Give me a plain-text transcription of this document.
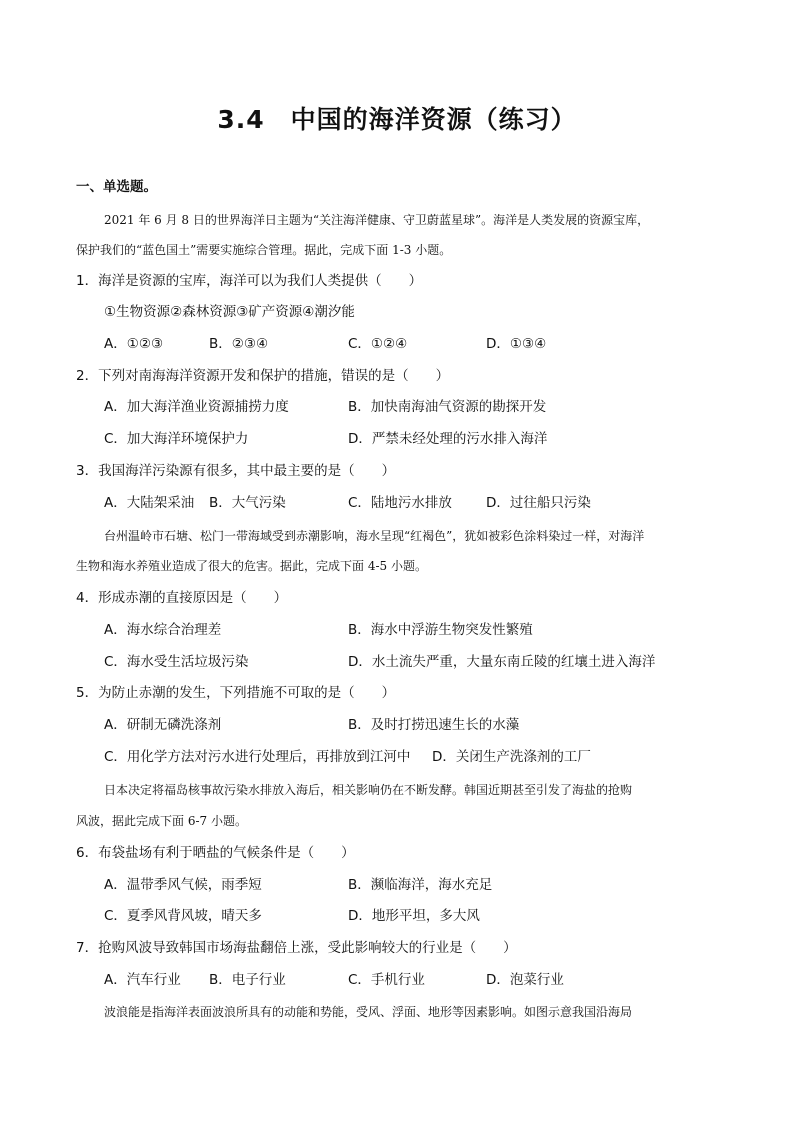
3.4 中国的海洋资源（练习）
一、单选题。
2021 年 6 月 8 日的世界海洋日主题为“关注海洋健康、守卫蔚蓝星球”。海洋是人类发展的资源宝库，
保护我们的“蓝色国土”需要实施综合管理。据此，完成下面 1-3 小题。
1．海洋是资源的宝库，海洋可以为我们人类提供（　　）
①生物资源②森林资源③矿产资源④潮汐能
A．①②③	B．②③④	C．①②④	D．①③④
2．下列对南海海洋资源开发和保护的措施，错误的是（　　）
A．加大海洋渔业资源捕捞力度	B．加快南海油气资源的勘探开发
C．加大海洋环境保护力	D．严禁未经处理的污水排入海洋
3．我国海洋污染源有很多，其中最主要的是（　　）
A．大陆架采油 B．大气污染	C．陆地污水排放	D．过往船只污染
台州温岭市石塘、松门一带海域受到赤潮影响，海水呈现“红褐色”，犹如被彩色涂料染过一样，对海洋
生物和海水养殖业造成了很大的危害。据此，完成下面 4-5 小题。
4．形成赤潮的直接原因是（　　）
A．海水综合治理差	B．海水中浮游生物突发性繁殖
C．海水受生活垃圾污染	D．水土流失严重，大量东南丘陵的红壤土进入海洋
5．为防止赤潮的发生，下列措施不可取的是（　　）
A．研制无磷洗涤剂	B．及时打捞迅速生长的水藻
C．用化学方法对污水进行处理后，再排放到江河中 D．关闭生产洗涤剂的工厂
日本决定将福岛核事故污染水排放入海后，相关影响仍在不断发酵。韩国近期甚至引发了海盐的抢购
风波，据此完成下面 6-7 小题。
6．布袋盐场有利于晒盐的气候条件是（　　）
A．温带季风气候，雨季短	B．濒临海洋，海水充足
C．夏季风背风坡，晴天多	D．地形平坦，多大风
7．抢购风波导致韩国市场海盐翻倍上涨，受此影响较大的行业是（　　）
A．汽车行业 B．电子行业	C．手机行业	D．泡菜行业
波浪能是指海洋表面波浪所具有的动能和势能，受风、浮面、地形等因素影响。如图示意我国沿海局
